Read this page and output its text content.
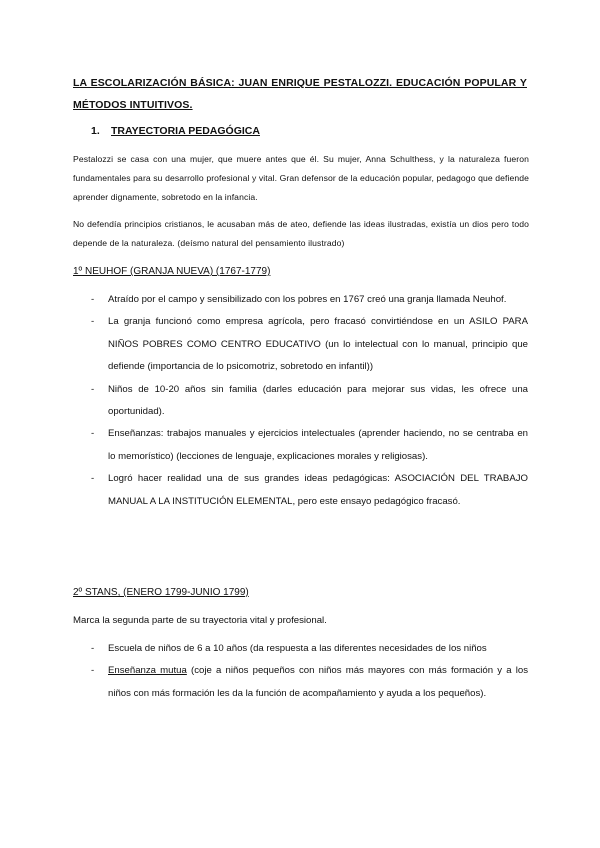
LA ESCOLARIZACIÓN BÁSICA: JUAN ENRIQUE PESTALOZZI. EDUCACIÓN POPULAR Y MÉTODOS INTUITIVOS.
1. TRAYECTORIA PEDAGÓGICA

Pestalozzi se casa con una mujer, que muere antes que él. Su mujer, Anna Schulthess, y la naturaleza fueron fundamentales para su desarrollo profesional y vital. Gran defensor de la educación popular, pedagogo que defiende aprender dignamente, sobretodo en la infancia.

No defendía principios cristianos, le acusaban más de ateo, defiende las ideas ilustradas, existía un dios pero todo depende de la naturaleza. (deísmo natural del pensamiento ilustrado)

1º NEUHOF (GRANJA NUEVA) (1767-1779)
- Atraído por el campo y sensibilizado con los pobres en 1767 creó una granja llamada Neuhof.
- La granja funcionó como empresa agrícola, pero fracasó convirtiéndose en un ASILO PARA NIÑOS POBRES COMO CENTRO EDUCATIVO (un lo intelectual con lo manual, principio que defiende (importancia de lo psicomotriz, sobretodo en infantil))
- Niños de 10-20 años sin familia (darles educación para mejorar sus vidas, les ofrece una oportunidad).
- Enseñanzas: trabajos manuales y ejercicios intelectuales (aprender haciendo, no se centraba en lo memorístico) (lecciones de lenguaje, explicaciones morales y religiosas).
- Logró hacer realidad una de sus grandes ideas pedagógicas: ASOCIACIÓN DEL TRABAJO MANUAL A LA INSTITUCIÓN ELEMENTAL, pero este ensayo pedagógico fracasó.
2º STANS, (ENERO 1799-JUNIO 1799)
Marca la segunda parte de su trayectoria vital y profesional.
- Escuela de niños de 6 a 10 años (da respuesta a las diferentes necesidades de los niños
- Enseñanza mutua (coje a niños pequeños con niños más mayores con más formación y a los niños con más formación les da la función de acompañamiento y ayuda a los pequeños).
